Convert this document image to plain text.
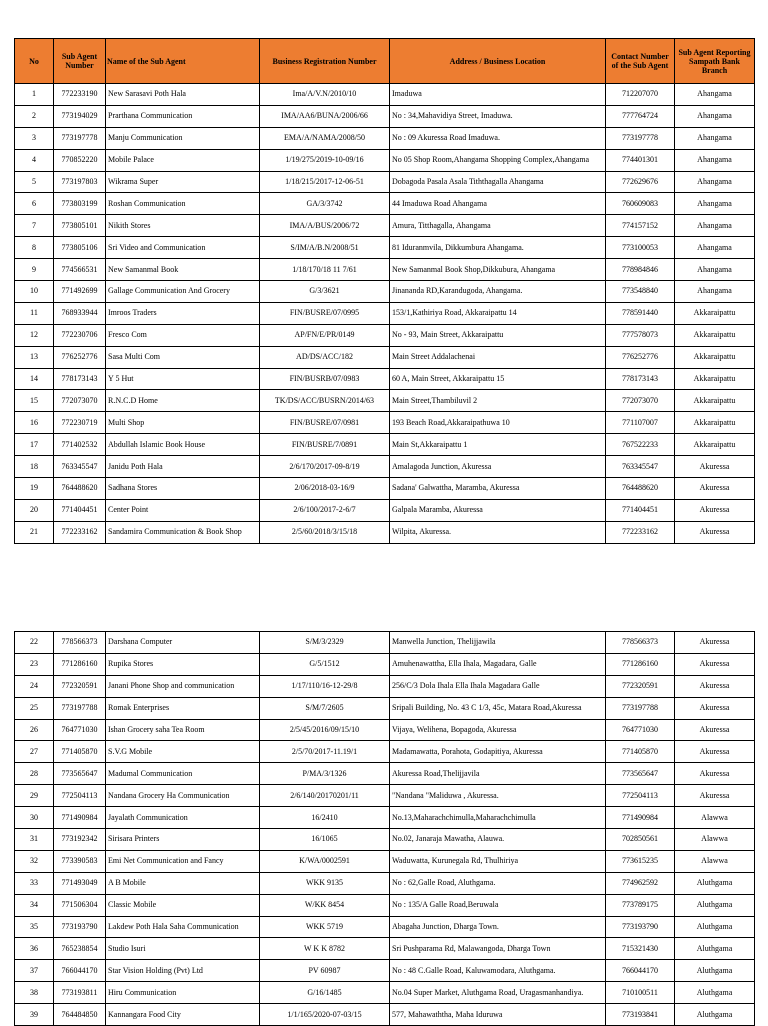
No	Sub Agent Number	Name of the Sub Agent	Business Registration Number	Address / Business Location	Contact Number of the Sub Agent	Sub Agent Reporting Sampath Bank Branch
1	772233190	New Sarasavi Poth Hala	Ima/A/V.N/2010/10	Imaduwa	712207070	Ahangama
2	773194029	Prarthana Communication	IMA/AA6/BUNA/2006/66	No : 34,Mahavidiya Street, Imaduwa.	777764724	Ahangama
3	773197778	Manju Communication	EMA/A/NAMA/2008/50	No : 09 Akuressa Road Imaduwa.	773197778	Ahangama
4	770852220	Mobile Palace	1/19/275/2019-10-09/16	No 05 Shop Room,Ahangama Shopping Complex,Ahangama	774401301	Ahangama
5	773197803	Wikrama Super	1/18/215/2017-12-06-51	Dobagoda Pasala Asala Tiththagalla Ahangama	772629676	Ahangama
6	773803199	Roshan Communication	GA/3/3742	44 Imaduwa Road Ahangama	760609083	Ahangama
7	773805101	Nikith Stores	IMA/A/BUS/2006/72	Amura, Titthagalla, Ahangama	774157152	Ahangama
8	773805106	Sri Video and Communication	S/IM/A/B.N/2008/51	81 Iduranmvila, Dikkumbura Ahangama.	773100053	Ahangama
9	774566531	New Samanmal Book	1/18/170/18 11 7/61	New Samanmal Book Shop,Dikkubura, Ahangama	778984846	Ahangama
10	771492699	Gallage Communication And Grocery	G/3/3621	Jinananda RD,Karandugoda, Ahangama.	773548840	Ahangama
11	768933944	Imroos Traders	FIN/BUSRE/07/0995	153/1,Kathiriya Road, Akkaraipattu 14	778591440	Akkaraipattu
12	772230706	Fresco Com	AP/FN/E/PR/0149	No - 93, Main Street, Akkaraipattu	777578073	Akkaraipattu
13	776252776	Sasa Multi Com	AD/DS/ACC/182	Main Street Addalachenai	776252776	Akkaraipattu
14	778173143	Y 5 Hut	FIN/BUSRB/07/0983	60 A, Main Street, Akkaraipattu 15	778173143	Akkaraipattu
15	772073070	R.N.C.D Home	TK/DS/ACC/BUSRN/2014/63	Main Street,Thambiluvil 2	772073070	Akkaraipattu
16	772230719	Multi Shop	FIN/BUSRE/07/0981	193 Beach Road,Akkaraipathuwa 10	771107007	Akkaraipattu
17	771402532	Abdullah Islamic Book House	FIN/BUSRE/7/0891	Main St,Akkaraipattu 1	767522233	Akkaraipattu
18	763345547	Janidu Poth Hala	2/6/170/2017-09-8/19	Amalagoda Junction, Akuressa	763345547	Akuressa
19	764488620	Sadhana Stores	2/06/2018-03-16/9	Sadana' Galwattha, Maramba, Akuressa	764488620	Akuressa
20	771404451	Center Point	2/6/100/2017-2-6/7	Galpala Maramba, Akuressa	771404451	Akuressa
21	772233162	Sandamira Communication & Book Shop	2/5/60/2018/3/15/18	Wilpita, Akuressa.	772233162	Akuressa
22	778566373	Darshana Computer	S/M/3/2329	Manwella Junction, Thelijjawila	778566373	Akuressa
23	771286160	Rupika Stores	G/5/1512	Amuhenawattha, Ella Ihala, Magadara, Galle	771286160	Akuressa
24	772320591	Janani Phone Shop and communication	1/17/110/16-12-29/8	256/C/3 Dola Ihala Ella Ihala Magadara Galle	772320591	Akuressa
25	773197788	Romak Enterprises	S/M/7/2605	Sripali Building, No. 43 C 1/3, 45c, Matara Road,Akuressa	773197788	Akuressa
26	764771030	Ishan Grocery saha Tea Room	2/5/45/2016/09/15/10	Vijaya, Welihena, Bopagoda, Akuressa	764771030	Akuressa
27	771405870	S.V.G Mobile	2/5/70/2017-11.19/1	Madamawatta, Porahota, Godapitiya, Akuressa	771405870	Akuressa
28	773565647	Madumal Communication	P/MA/3/1326	Akuressa Road,Thelijjavila	773565647	Akuressa
29	772504113	Nandana Grocery Ha Communication	2/6/140/20170201/11	"Nandana "Maliduwa , Akuressa.	772504113	Akuressa
30	771490984	Jayalath Communication	16/2410	No.13,Maharachchimulla,Maharachchimulla	771490984	Alawwa
31	773192342	Sirisara Printers	16/1065	No.02, Janaraja Mawatha, Alauwa.	702850561	Alawwa
32	773390583	Emi Net Communication and Fancy	K/WA/0002591	Waduwatta, Kurunegala Rd, Thulhiriya	773615235	Alawwa
33	771493049	A B Mobile	WKK 9135	No : 62,Galle Road, Aluthgama.	774962592	Aluthgama
34	771506304	Classic Mobile	W/KK 8454	No : 135/A Galle Road,Beruwala	773789175	Aluthgama
35	773193790	Lakdew Poth Hala Saha Communication	WKK 5719	Abagaha Junction, Dharga Town.	773193790	Aluthgama
36	765238854	Studio Isuri	W K K 8782	Sri Pushparama Rd, Malawangoda, Dharga Town	715321430	Aluthgama
37	766044170	Star Vision Holding (Pvt) Ltd	PV 60987	No : 48 C.Galle Road, Kaluwamodara, Aluthgama.	766044170	Aluthgama
38	773193811	Hiru Communication	G/16/1485	No.04 Super Market, Aluthgama Road, Uragasmanhandiya.	710100511	Aluthgama
39	764484850	Kannangara Food City	1/1/165/2020-07-03/15	577, Mahawaththa, Maha Iduruwa	773193841	Aluthgama
